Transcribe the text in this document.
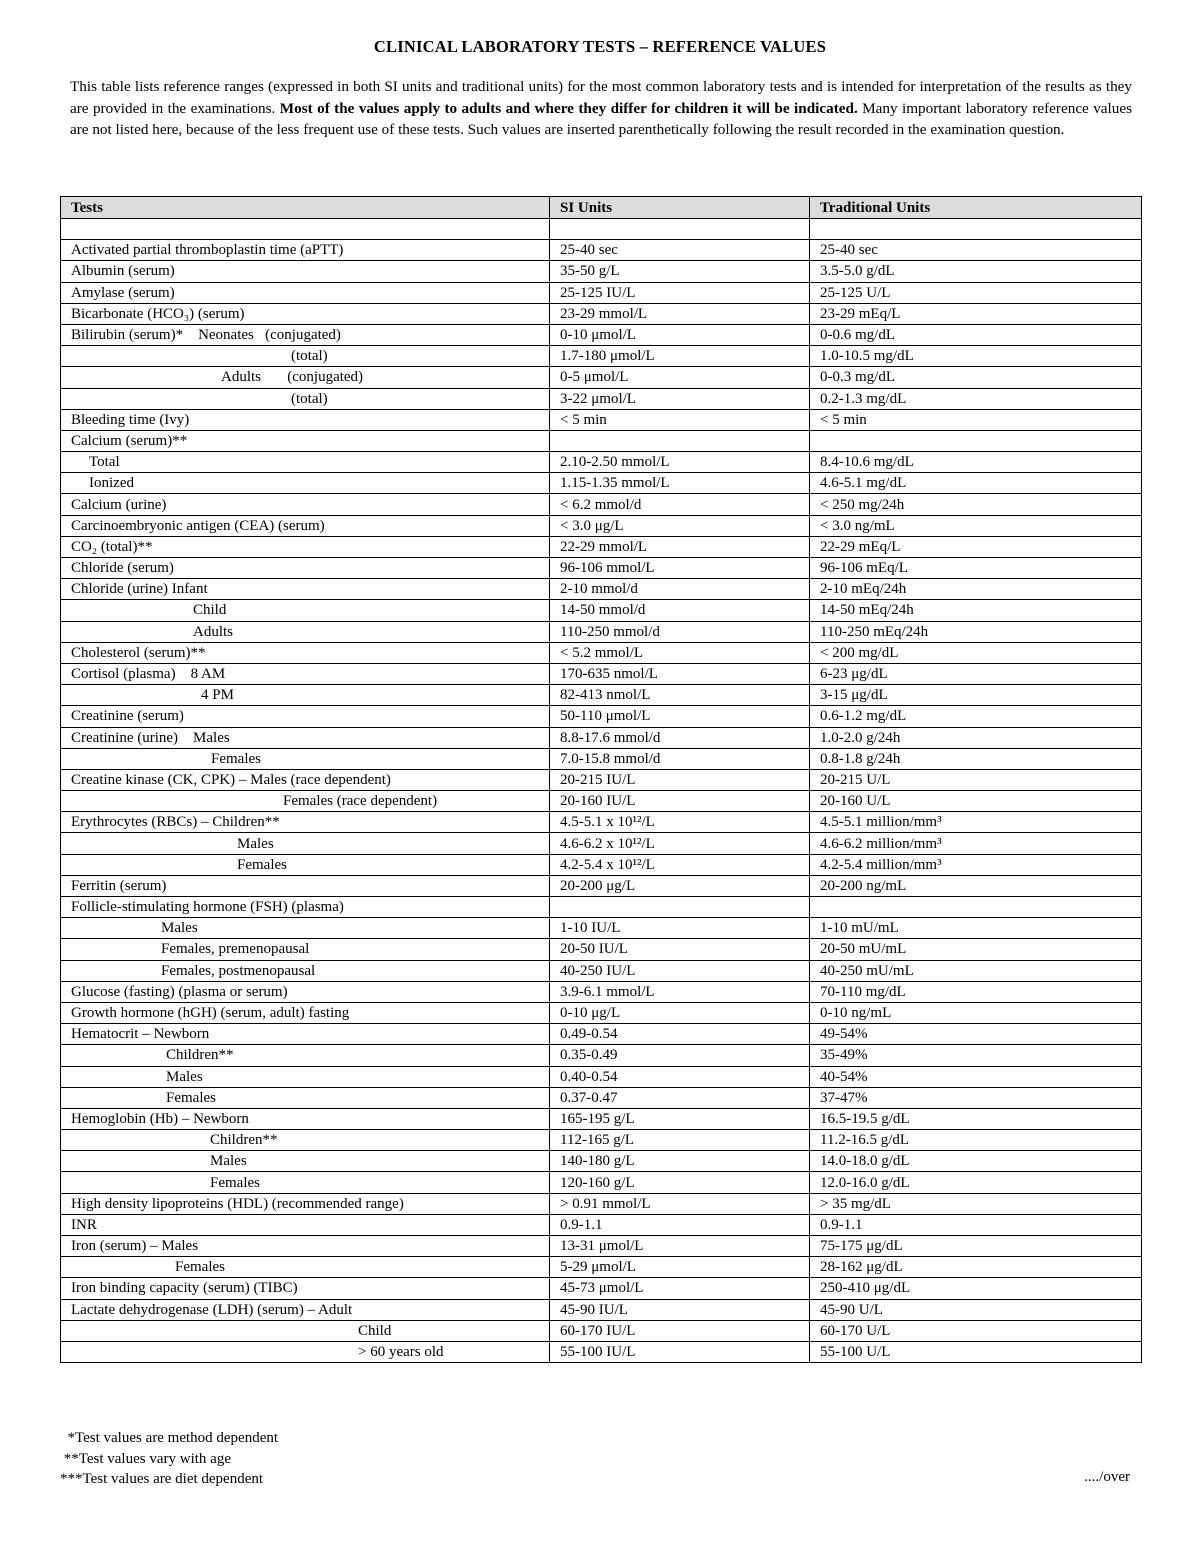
CLINICAL LABORATORY TESTS – REFERENCE VALUES
This table lists reference ranges (expressed in both SI units and traditional units) for the most common laboratory tests and is intended for interpretation of the results as they are provided in the examinations. Most of the values apply to adults and where they differ for children it will be indicated. Many important laboratory reference values are not listed here, because of the less frequent use of these tests. Such values are inserted parenthetically following the result recorded in the examination question.
Tests	SI Units	Traditional Units

Activated partial thromboplastin time (aPTT)	25-40 sec	25-40 sec
Albumin (serum)	35-50 g/L	3.5-5.0 g/dL
Amylase (serum)	25-125 IU/L	25-125 U/L
Bicarbonate (HCO₃) (serum)	23-29 mmol/L	23-29 mEq/L
Bilirubin (serum)*    Neonates   (conjugated)	0-10 μmol/L	0-0.6 mg/dL
(total)	1.7-180 μmol/L	1.0-10.5 mg/dL
Adults       (conjugated)	0-5 μmol/L	0-0.3 mg/dL
(total)	3-22 μmol/L	0.2-1.3 mg/dL
Bleeding time (Ivy)	< 5 min	< 5 min
Calcium (serum)**		
Total	2.10-2.50 mmol/L	8.4-10.6 mg/dL
Ionized	1.15-1.35 mmol/L	4.6-5.1 mg/dL
Calcium (urine)	< 6.2 mmol/d	< 250 mg/24h
Carcinoembryonic antigen (CEA) (serum)	< 3.0 μg/L	< 3.0 ng/mL
CO₂ (total)**	22-29 mmol/L	22-29 mEq/L
Chloride (serum)	96-106 mmol/L	96-106 mEq/L
Chloride (urine) Infant	2-10 mmol/d	2-10 mEq/24h
Child	14-50 mmol/d	14-50 mEq/24h
Adults	110-250 mmol/d	110-250 mEq/24h
Cholesterol (serum)**	< 5.2 mmol/L	< 200 mg/dL
Cortisol (plasma)    8 AM	170-635 nmol/L	6-23 μg/dL
4 PM	82-413 nmol/L	3-15 μg/dL
Creatinine (serum)	50-110 μmol/L	0.6-1.2 mg/dL
Creatinine (urine)    Males	8.8-17.6 mmol/d	1.0-2.0 g/24h
Females	7.0-15.8 mmol/d	0.8-1.8 g/24h
Creatine kinase (CK, CPK) – Males (race dependent)	20-215 IU/L	20-215 U/L
Females (race dependent)	20-160 IU/L	20-160 U/L
Erythrocytes (RBCs) – Children**	4.5-5.1 x 10¹²/L	4.5-5.1 million/mm³
Males	4.6-6.2 x 10¹²/L	4.6-6.2 million/mm³
Females	4.2-5.4 x 10¹²/L	4.2-5.4 million/mm³
Ferritin (serum)	20-200 μg/L	20-200 ng/mL
Follicle-stimulating hormone (FSH) (plasma)		
Males	1-10 IU/L	1-10 mU/mL
Females, premenopausal	20-50 IU/L	20-50 mU/mL
Females, postmenopausal	40-250 IU/L	40-250 mU/mL
Glucose (fasting) (plasma or serum)	3.9-6.1 mmol/L	70-110 mg/dL
Growth hormone (hGH) (serum, adult) fasting	0-10 μg/L	0-10 ng/mL
Hematocrit – Newborn	0.49-0.54	49-54%
Children**	0.35-0.49	35-49%
Males	0.40-0.54	40-54%
Females	0.37-0.47	37-47%
Hemoglobin (Hb) – Newborn	165-195 g/L	16.5-19.5 g/dL
Children**	112-165 g/L	11.2-16.5 g/dL
Males	140-180 g/L	14.0-18.0 g/dL
Females	120-160 g/L	12.0-16.0 g/dL
High density lipoproteins (HDL) (recommended range)	> 0.91 mmol/L	> 35 mg/dL
INR	0.9-1.1	0.9-1.1
Iron (serum) – Males	13-31 μmol/L	75-175 μg/dL
Females	5-29 μmol/L	28-162 μg/dL
Iron binding capacity (serum) (TIBC)	45-73 μmol/L	250-410 μg/dL
Lactate dehydrogenase (LDH) (serum) – Adult	45-90 IU/L	45-90 U/L
Child	60-170 IU/L	60-170 U/L
> 60 years old	55-100 IU/L	55-100 U/L
*Test values are method dependent
**Test values vary with age
***Test values are diet dependent	..../over
